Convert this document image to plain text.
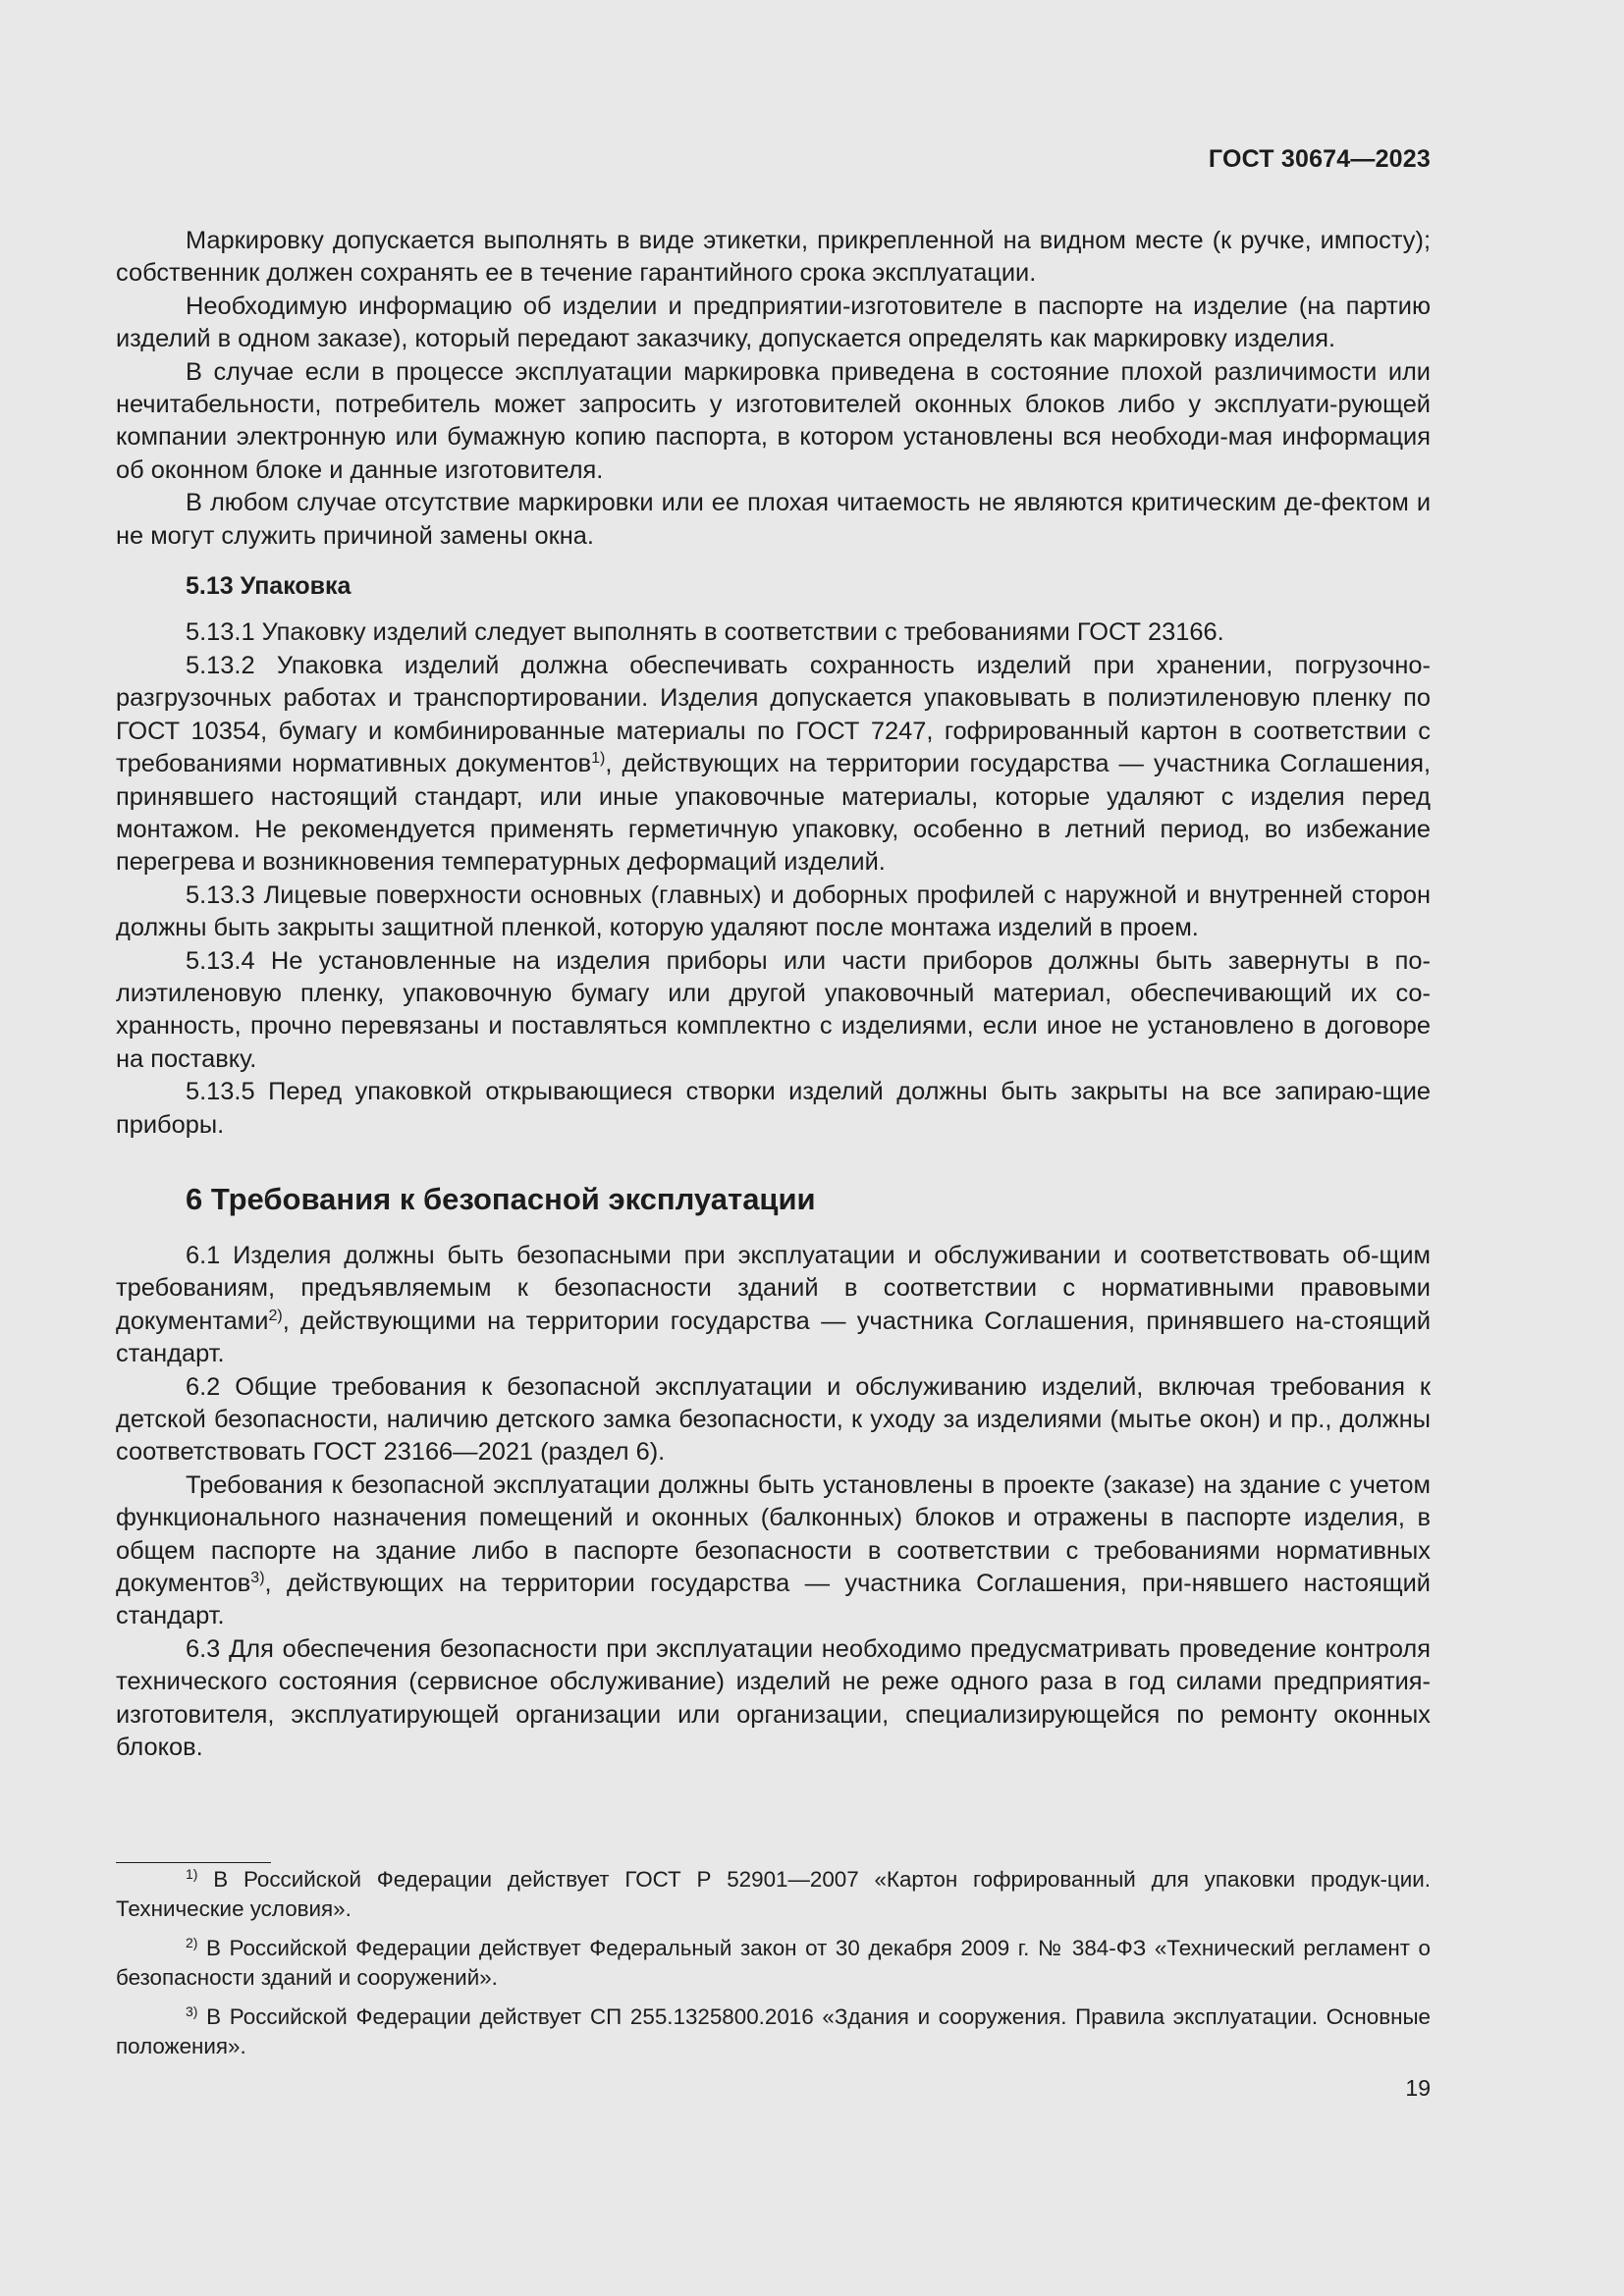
ГОСТ 30674—2023

Маркировку допускается выполнять в виде этикетки, прикрепленной на видном месте (к ручке, импосту); собственник должен сохранять ее в течение гарантийного срока эксплуатации.

Необходимую информацию об изделии и предприятии-изготовителе в паспорте на изделие (на партию изделий в одном заказе), который передают заказчику, допускается определять как маркировку изделия.

В случае если в процессе эксплуатации маркировка приведена в состояние плохой различимости или нечитабельности, потребитель может запросить у изготовителей оконных блоков либо у эксплуати-рующей компании электронную или бумажную копию паспорта, в котором установлены вся необходи-мая информация об оконном блоке и данные изготовителя.

В любом случае отсутствие маркировки или ее плохая читаемость не являются критическим де-фектом и не могут служить причиной замены окна.

5.13 Упаковка

5.13.1 Упаковку изделий следует выполнять в соответствии с требованиями ГОСТ 23166.

5.13.2 Упаковка изделий должна обеспечивать сохранность изделий при хранении, погрузочно-разгрузочных работах и транспортировании. Изделия допускается упаковывать в полиэтиленовую пленку по ГОСТ 10354, бумагу и комбинированные материалы по ГОСТ 7247, гофрированный картон в соответствии с требованиями нормативных документов$^{1)}$, действующих на территории государства — участника Соглашения, принявшего настоящий стандарт, или иные упаковочные материалы, которые удаляют с изделия перед монтажом. Не рекомендуется применять герметичную упаковку, особенно в летний период, во избежание перегрева и возникновения температурных деформаций изделий.

5.13.3 Лицевые поверхности основных (главных) и доборных профилей с наружной и внутренней сторон должны быть закрыты защитной пленкой, которую удаляют после монтажа изделий в проем.

5.13.4 Не установленные на изделия приборы или части приборов должны быть завернуты в по-лиэтиленовую пленку, упаковочную бумагу или другой упаковочный материал, обеспечивающий их со-хранность, прочно перевязаны и поставляться комплектно с изделиями, если иное не установлено в договоре на поставку.

5.13.5 Перед упаковкой открывающиеся створки изделий должны быть закрыты на все запираю-щие приборы.

6 Требования к безопасной эксплуатации

6.1 Изделия должны быть безопасными при эксплуатации и обслуживании и соответствовать об-щим требованиям, предъявляемым к безопасности зданий в соответствии с нормативными правовыми документами$^{2)}$, действующими на территории государства — участника Соглашения, принявшего на-стоящий стандарт.

6.2 Общие требования к безопасной эксплуатации и обслуживанию изделий, включая требования к детской безопасности, наличию детского замка безопасности, к уходу за изделиями (мытье окон) и пр., должны соответствовать ГОСТ 23166—2021 (раздел 6).

Требования к безопасной эксплуатации должны быть установлены в проекте (заказе) на здание с учетом функционального назначения помещений и оконных (балконных) блоков и отражены в паспорте изделия, в общем паспорте на здание либо в паспорте безопасности в соответствии с требованиями нормативных документов$^{3)}$, действующих на территории государства — участника Соглашения, при-нявшего настоящий стандарт.

6.3 Для обеспечения безопасности при эксплуатации необходимо предусматривать проведение контроля технического состояния (сервисное обслуживание) изделий не реже одного раза в год силами предприятия-изготовителя, эксплуатирующей организации или организации, специализирующейся по ремонту оконных блоков.

$^{1)}$ В Российской Федерации действует ГОСТ Р 52901—2007 «Картон гофрированный для упаковки продук-ции. Технические условия».

$^{2)}$ В Российской Федерации действует Федеральный закон от 30 декабря 2009 г. № 384-ФЗ «Технический регламент о безопасности зданий и сооружений».

$^{3)}$ В Российской Федерации действует СП 255.1325800.2016 «Здания и сооружения. Правила эксплуатации. Основные положения».

19
